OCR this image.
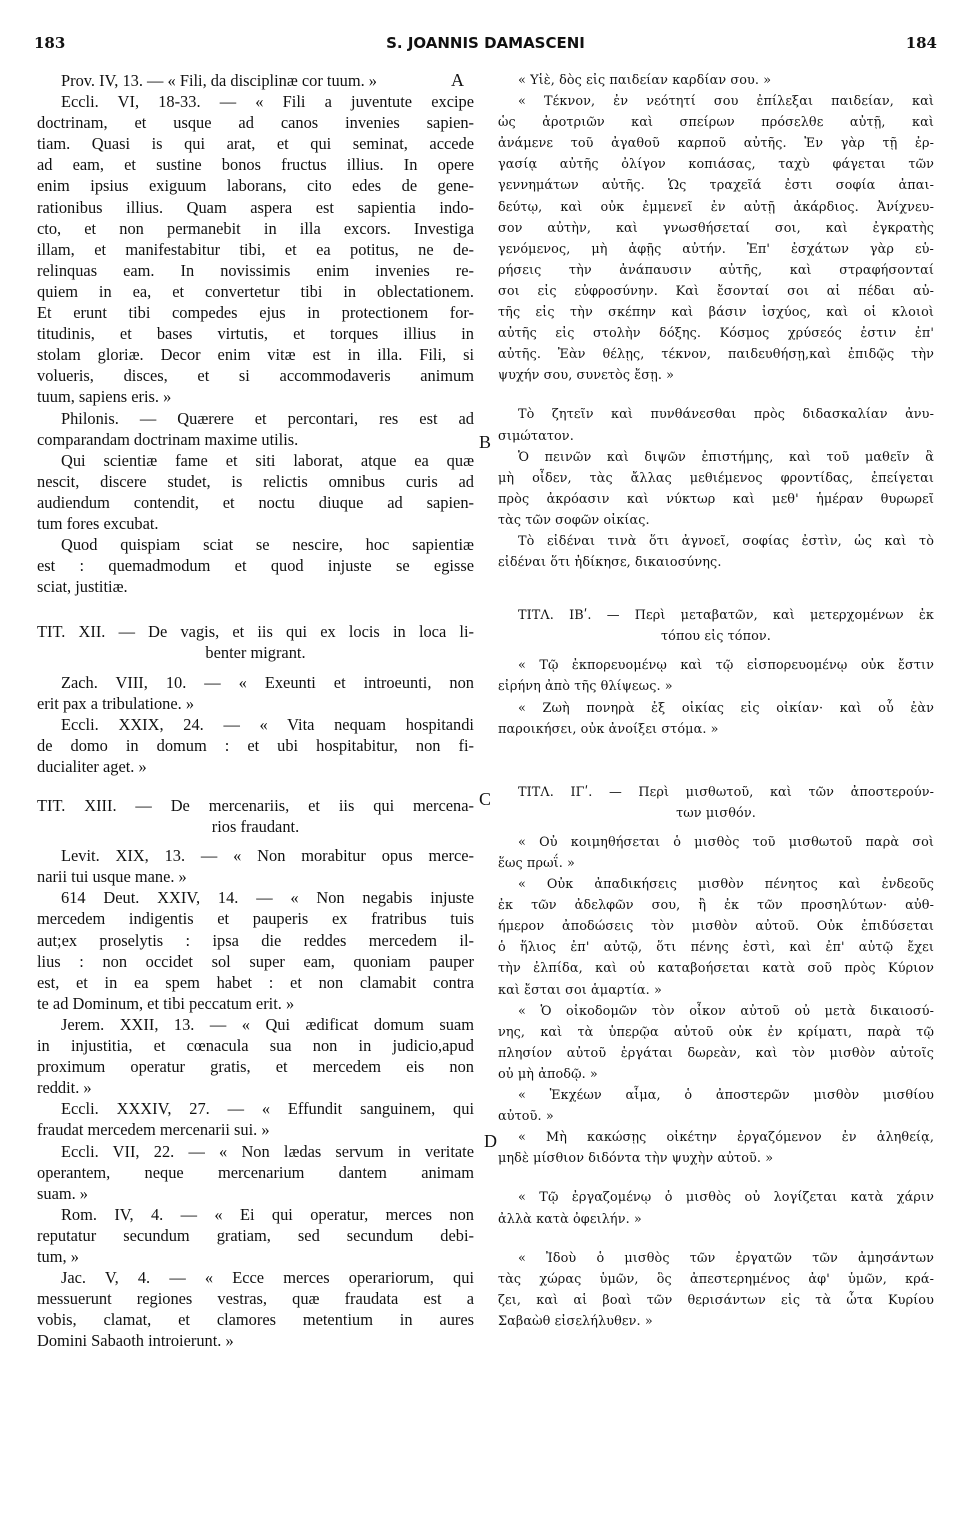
183	S. JOANNIS DAMASCENI	184
Prov. IV, 13. — « Fili, da disciplinæ cor tuum. »
Eccli. VI, 18-33. — « Fili a juventute excipe
doctrinam, et usque ad canos invenies sapien-
tiam. Quasi is qui arat, et qui seminat, accede
ad eam, et sustine bonos fructus illius. In opere
enim ipsius exiguum laborans, cito edes de gene-
rationibus illius. Quam aspera est sapientia indo-
cto, et non permanebit in illa excors. Investiga
illam, et manifestabitur tibi, et ea potitus, ne de-
relinquas eam. In novissimis enim invenies re-
quiem in ea, et convertetur tibi in oblectationem.
Et erunt tibi compedes ejus in protectionem for-
titudinis, et bases virtutis, et torques illius in
stolam gloriæ. Decor enim vitæ est in illa. Fili, si
volueris, disces, et si accommodaveris animum
tuum, sapiens eris. »
Philonis. — Quærere et percontari, res est ad
comparandam doctrinam maxime utilis.
Qui scientiæ fame et siti laborat, atque ea quæ
nescit, discere studet, is relictis omnibus curis ad
audiendum contendit, et noctu diuque ad sapien-
tum fores excubat.
Quod quispiam sciat se nescire, hoc sapientiæ
est : quemadmodum et quod injuste se egisse
sciat, justitiæ.
TIT. XII. — De vagis, et iis qui ex locis in loca li-
benter migrant.
Zach. VIII, 10. — « Exeunti et introeunti, non
erit pax a tribulatione. »
Eccli. XXIX, 24. — « Vita nequam hospitandi
de domo in domum : et ubi hospitabitur, non fi-
ducialiter aget. »
TIT. XIII. — De mercenariis, et iis qui mercena-
rios fraudant.
Levit. XIX, 13. — « Non morabitur opus merce-
narii tui usque mane. »
614 Deut. XXIV, 14. — « Non negabis injuste
mercedem indigentis et pauperis ex fratribus tuis
aut;ex proselytis : ipsa die reddes mercedem il-
lius : non occidet sol super eam, quoniam pauper
est, et in ea spem habet : et non clamabit contra
te ad Dominum, et tibi peccatum erit. »
Jerem. XXII, 13. — « Qui ædificat domum suam
in injustitia, et cœnacula sua non in judicio,apud
proximum operatur gratis, et mercedem eis non
reddit. »
Eccli. XXXIV, 27. — « Effundit sanguinem, qui
fraudat mercedem mercenarii sui. »
Eccli. VII, 22. — « Non lædas servum in veritate
operantem, neque mercenarium dantem animam
suam. »
Rom. IV, 4. — « Ei qui operatur, merces non
reputatur secundum gratiam, sed secundum debi-
tum, »
Jac. V, 4. — « Ecce merces operariorum, qui
messuerunt regiones vestras, quæ fraudata est a
vobis, clamat, et clamores metentium in aures
Domini Sabaoth introierunt. »
« Υἱὲ, δὸς εἰς παιδείαν καρδίαν σου. »
« Τέκνον, ἐν νεότητί σου ἐπίλεξαι παιδείαν, καὶ
ὡς ἀροτριῶν καὶ σπείρων πρόσελθε αὐτῇ, καὶ
ἀνάμενε τοῦ ἀγαθοῦ καρποῦ αὐτῆς. Ἐν γὰρ τῇ ἐρ-
γασίᾳ αὐτῆς ὀλίγον κοπιάσας, ταχὺ φάγεται τῶν
γεννημάτων αὐτῆς. Ὡς τραχεῖά ἐστι σοφία ἀπαι-
δεύτῳ, καὶ οὐκ ἐμμενεῖ ἐν αὐτῇ ἀκάρδιος. Ἀνίχνευ-
σον αὐτὴν, καὶ γνωσθήσεταί σοι, καὶ ἐγκρατὴς
γενόμενος, μὴ ἀφῇς αὐτήν. Ἐπ' ἐσχάτων γὰρ εὑ-
ρήσεις τὴν ἀνάπαυσιν αὐτῆς, καὶ στραφήσονταί
σοι εἰς εὐφροσύνην. Καὶ ἔσονταί σοι αἱ πέδαι αὐ-
τῆς εἰς τὴν σκέπην καὶ βάσιν ἰσχύος, καὶ οἱ κλοιοὶ
αὐτῆς εἰς στολὴν δόξης. Κόσμος χρύσεός ἐστιν ἐπ'
αὐτῆς. Ἐὰν θέλῃς, τέκνον, παιδευθήσῃ,καὶ ἐπιδῷς τὴν
ψυχήν σου, συνετὸς ἔσῃ. »
Τὸ ζητεῖν καὶ πυνθάνεσθαι πρὸς διδασκαλίαν ἀνυ-
σιμώτατον.
Ὁ πεινῶν καὶ διψῶν ἐπιστήμης, καὶ τοῦ μαθεῖν ἃ
μὴ οἶδεν, τὰς ἄλλας μεθιέμενος φροντίδας, ἐπείγεται
πρὸς ἀκρόασιν καὶ νύκτωρ καὶ μεθ' ἡμέραν θυρωρεῖ
τὰς τῶν σοφῶν οἰκίας.
Τὸ εἰδέναι τινὰ ὅτι ἀγνοεῖ, σοφίας ἐστὶν, ὡς καὶ τὸ
εἰδέναι ὅτι ἠδίκησε, δικαιοσύνης.
ΤΙΤΛ. ΙΒʹ. — Περὶ μεταβατῶν, καὶ μετερχομένων ἐκ
τόπου εἰς τόπον.
« Τῷ ἐκπορευομένῳ καὶ τῷ εἰσπορευομένῳ οὐκ ἔστιν
εἰρήνη ἀπὸ τῆς θλίψεως. »
« Ζωὴ πονηρὰ ἐξ οἰκίας εἰς οἰκίαν· καὶ οὗ ἐὰν
παροικήσει, οὐκ ἀνοίξει στόμα. »
ΤΙΤΛ. ΙΓʹ. — Περὶ μισθωτοῦ, καὶ τῶν ἀποστερούν-
των μισθόν.
« Οὐ κοιμηθήσεται ὁ μισθὸς τοῦ μισθωτοῦ παρὰ σοὶ
ἕως πρωΐ. »
« Οὐκ ἀπαδικήσεις μισθὸν πένητος καὶ ἐνδεοῦς
ἐκ τῶν ἀδελφῶν σου, ἢ ἐκ τῶν προσηλύτων· αὐθ-
ήμερον ἀποδώσεις τὸν μισθὸν αὐτοῦ. Οὐκ ἐπιδύσεται
ὁ ἥλιος ἐπ' αὐτῷ, ὅτι πένης ἐστὶ, καὶ ἐπ' αὐτῷ ἔχει
τὴν ἐλπίδα, καὶ οὐ καταβοήσεται κατὰ σοῦ πρὸς Κύριον
καὶ ἔσται σοι ἁμαρτία. »
« Ὁ οἰκοδομῶν τὸν οἶκον αὐτοῦ οὐ μετὰ δικαιοσύ-
νης, καὶ τὰ ὑπερῷα αὐτοῦ οὐκ ἐν κρίματι, παρὰ τῷ
πλησίον αὐτοῦ ἐργάται δωρεὰν, καὶ τὸν μισθὸν αὐτοῖς
οὐ μὴ ἀποδῷ. »
« Ἐκχέων αἷμα, ὁ ἀποστερῶν μισθὸν μισθίου
αὐτοῦ. »
« Μὴ κακώσῃς οἰκέτην ἐργαζόμενον ἐν ἀληθείᾳ,
μηδὲ μίσθιον διδόντα τὴν ψυχὴν αὐτοῦ. »
« Τῷ ἐργαζομένῳ ὁ μισθὸς οὐ λογίζεται κατὰ χάριν
ἀλλὰ κατὰ ὀφειλήν. »
« Ἰδοὺ ὁ μισθὸς τῶν ἐργατῶν τῶν ἀμησάντων
τὰς χώρας ὑμῶν, ὃς ἀπεστερημένος ἀφ' ὑμῶν, κρά-
ζει, καὶ αἱ βοαὶ τῶν θερισάντων εἰς τὰ ὦτα Κυρίου
Σαβαὼθ εἰσελήλυθεν. »
A
B
C
D
